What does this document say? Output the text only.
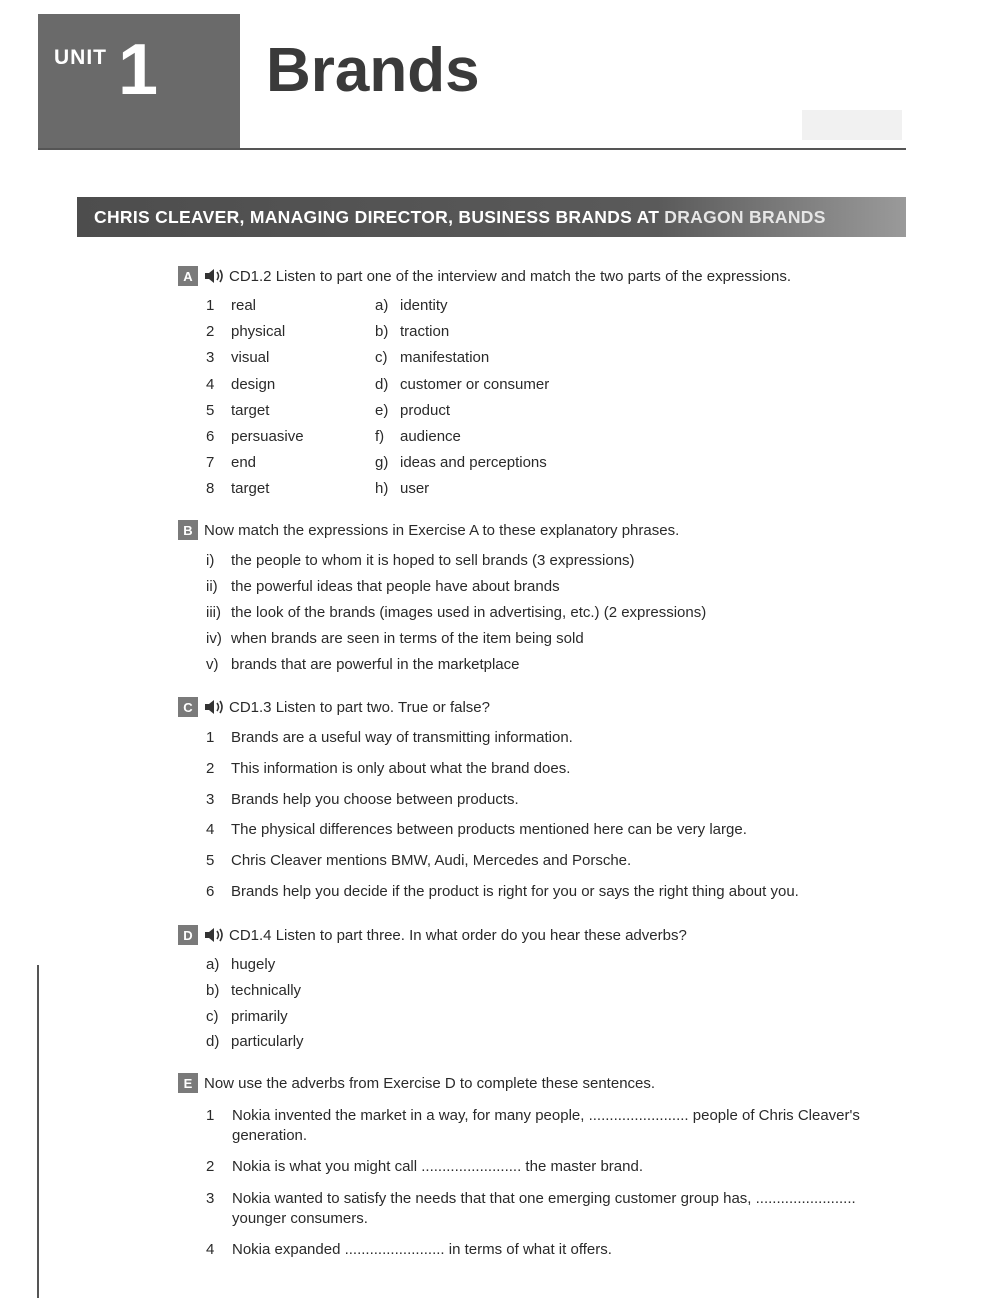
UNIT 1 Brands
CHRIS CLEAVER, MANAGING DIRECTOR, BUSINESS BRANDS AT DRAGON BRANDS
A	CD1.2 Listen to part one of the interview and match the two parts of the expressions.
1 real	a) identity
2 physical	b) traction
3 visual	c) manifestation
4 design	d) customer or consumer
5 target	e) product
6 persuasive	f) audience
7 end	g) ideas and perceptions
8 target	h) user
B Now match the expressions in Exercise A to these explanatory phrases.
i) the people to whom it is hoped to sell brands (3 expressions)
ii) the powerful ideas that people have about brands
iii) the look of the brands (images used in advertising, etc.) (2 expressions)
iv) when brands are seen in terms of the item being sold
v) brands that are powerful in the marketplace
C	CD1.3 Listen to part two. True or false?
1 Brands are a useful way of transmitting information.
2 This information is only about what the brand does.
3 Brands help you choose between products.
4 The physical differences between products mentioned here can be very large.
5 Chris Cleaver mentions BMW, Audi, Mercedes and Porsche.
6 Brands help you decide if the product is right for you or says the right thing about you.
D	CD1.4 Listen to part three. In what order do you hear these adverbs?
a) hugely
b) technically
c) primarily
d) particularly
E Now use the adverbs from Exercise D to complete these sentences.
1 Nokia invented the market in a way, for many people, ........................ people of Chris Cleaver's generation.
2 Nokia is what you might call ........................ the master brand.
3 Nokia wanted to satisfy the needs that that one emerging customer group has, ........................ younger consumers.
4 Nokia expanded ........................ in terms of what it offers.
